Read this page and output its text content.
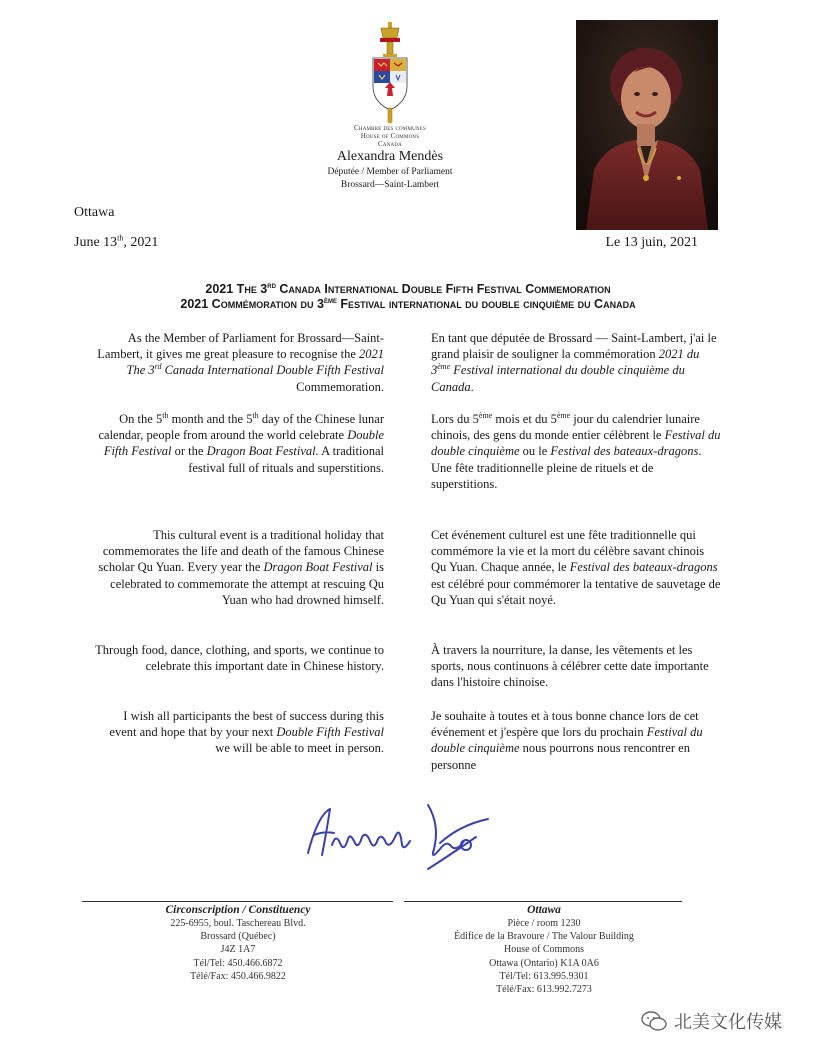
Chambre des communes
House of Commons
Canada
Alexandra Mendès
Députée / Member of Parliament
Brossard—Saint-Lambert
Ottawa
June 13th, 2021	Le 13 juin, 2021
2021 The 3rd Canada International Double Fifth Festival Commemoration
2021 Commémoration du 3ème Festival international du double cinquième du Canada
As the Member of Parliament for Brossard—Saint-Lambert, it gives me great pleasure to recognise the 2021 The 3rd Canada International Double Fifth Festival Commemoration.
On the 5th month and the 5th day of the Chinese lunar calendar, people from around the world celebrate Double Fifth Festival or the Dragon Boat Festival. A traditional festival full of rituals and superstitions.
This cultural event is a traditional holiday that commemorates the life and death of the famous Chinese scholar Qu Yuan. Every year the Dragon Boat Festival is celebrated to commemorate the attempt at rescuing Qu Yuan who had drowned himself.
Through food, dance, clothing, and sports, we continue to celebrate this important date in Chinese history.
I wish all participants the best of success during this event and hope that by your next Double Fifth Festival we will be able to meet in person.
En tant que députée de Brossard — Saint-Lambert, j'ai le grand plaisir de souligner la commémoration 2021 du 3ème Festival international du double cinquième du Canada.
Lors du 5ème mois et du 5ème jour du calendrier lunaire chinois, des gens du monde entier célèbrent le Festival du double cinquième ou le Festival des bateaux-dragons. Une fête traditionnelle pleine de rituels et de superstitions.
Cet événement culturel est une fête traditionnelle qui commémore la vie et la mort du célèbre savant chinois Qu Yuan. Chaque année, le Festival des bateaux-dragons est célébré pour commémorer la tentative de sauvetage de Qu Yuan qui s'était noyé.
À travers la nourriture, la danse, les vêtements et les sports, nous continuons à célébrer cette date importante dans l'histoire chinoise.
Je souhaite à toutes et à tous bonne chance lors de cet événement et j'espère que lors du prochain Festival du double cinquième nous pourrons nous rencontrer en personne
Circonscription / Constituency
225-6955, boul. Taschereau Blvd.
Brossard (Québec)
J4Z 1A7
Tél/Tel: 450.466.6872
Télé/Fax: 450.466.9822
Ottawa
Pièce / room 1230
Édifice de la Bravoure / The Valour Building
House of Commons
Ottawa (Ontario) K1A 0A6
Tél/Tel: 613.995.9301
Télé/Fax: 613.992.7273
北美文化传媒
